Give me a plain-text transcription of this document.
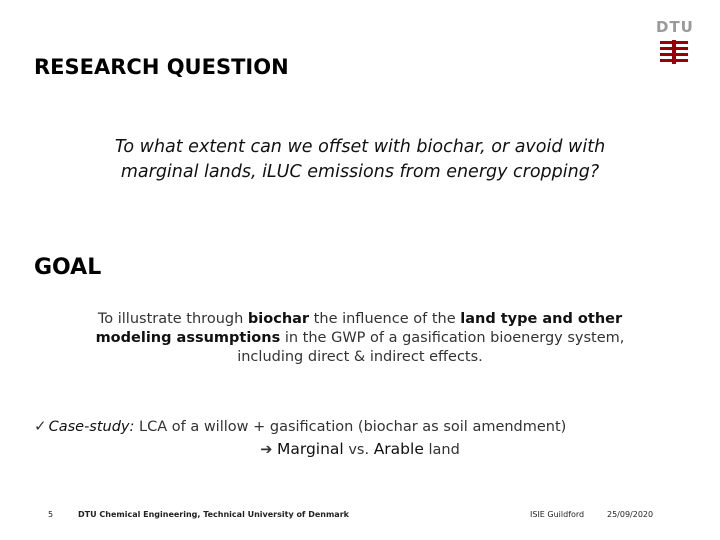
DTU
RESEARCH QUESTION
To what extent can we offset with biochar, or avoid with
marginal lands, iLUC emissions from energy cropping?
GOAL
To illustrate through biochar the influence of the land type and other
modeling assumptions in the GWP of a gasification bioenergy system,
including direct & indirect effects.
✓ Case-study: LCA of a willow + gasification (biochar as soil amendment)
➔ Marginal vs. Arable land
5	DTU Chemical Engineering, Technical University of Denmark	ISIE Guildford	25/09/2020
